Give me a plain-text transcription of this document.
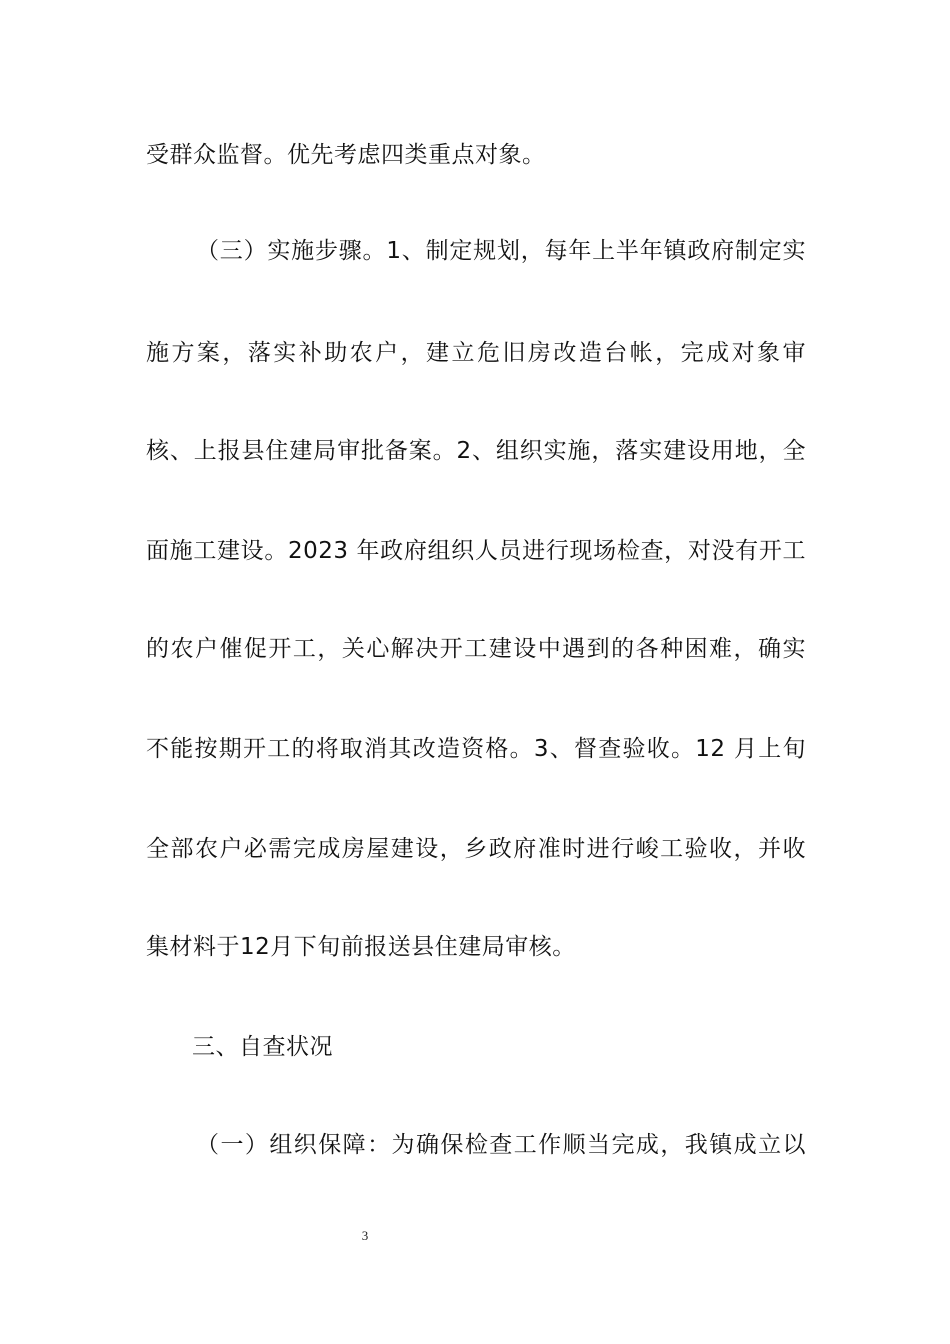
受群众监督。优先考虑四类重点对象。
（三）实施步骤。1、制定规划，每年上半年镇政府制定实
施方案，落实补助农户，建立危旧房改造台帐，完成对象审
核、上报县住建局审批备案。2、组织实施，落实建设用地，全
面施工建设。2023 年政府组织人员进行现场检查，对没有开工
的农户催促开工，关心解决开工建设中遇到的各种困难，确实
不能按期开工的将取消其改造资格。3、督查验收。12 月上旬
全部农户必需完成房屋建设，乡政府准时进行峻工验收，并收
集材料于12月下旬前报送县住建局审核。
三、自查状况
（一）组织保障：为确保检查工作顺当完成，我镇成立以
3
